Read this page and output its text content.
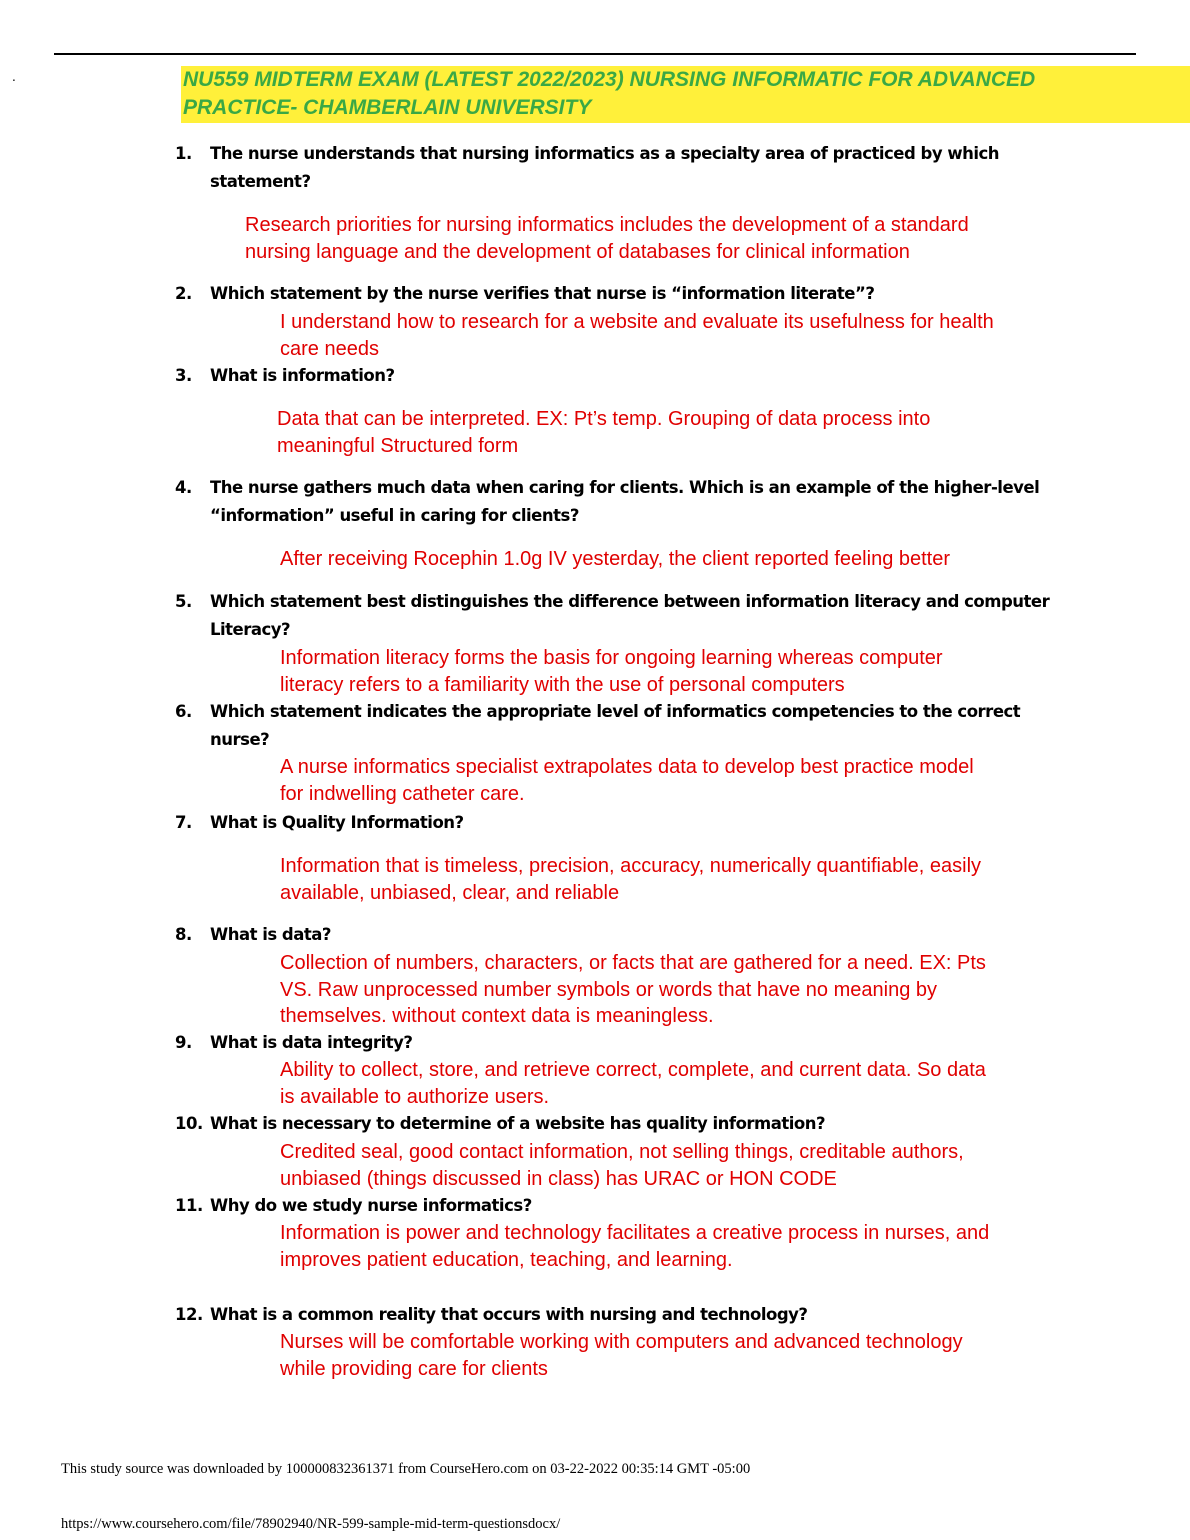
.	NU559 MIDTERM EXAM (LATEST 2022/2023) NURSING INFORMATIC FOR ADVANCED
PRACTICE- CHAMBERLAIN UNIVERSITY
1. The nurse understands that nursing informatics as a specialty area of practiced by which
statement?
Research priorities for nursing informatics includes the development of a standard
nursing language and the development of databases for clinical information
2. Which statement by the nurse verifies that nurse is “information literate”?
I understand how to research for a website and evaluate its usefulness for health
care needs
3. What is information?
Data that can be interpreted. EX: Pt’s temp. Grouping of data process into
meaningful Structured form
4. The nurse gathers much data when caring for clients. Which is an example of the higher-level
“information” useful in caring for clients?
After receiving Rocephin 1.0g IV yesterday, the client reported feeling better
5. Which statement best distinguishes the difference between information literacy and computer
Literacy?
Information literacy forms the basis for ongoing learning whereas computer
literacy refers to a familiarity with the use of personal computers
6. Which statement indicates the appropriate level of informatics competencies to the correct
nurse?
A nurse informatics specialist extrapolates data to develop best practice model
for indwelling catheter care.
7. What is Quality Information?
Information that is timeless, precision, accuracy, numerically quantifiable, easily
available, unbiased, clear, and reliable
8. What is data?
Collection of numbers, characters, or facts that are gathered for a need. EX: Pts
VS. Raw unprocessed number symbols or words that have no meaning by
themselves. without context data is meaningless.
9. What is data integrity?
Ability to collect, store, and retrieve correct, complete, and current data. So data
is available to authorize users.
10. What is necessary to determine of a website has quality information?
Credited seal, good contact information, not selling things, creditable authors,
unbiased (things discussed in class) has URAC or HON CODE
11. Why do we study nurse informatics?
Information is power and technology facilitates a creative process in nurses, and
improves patient education, teaching, and learning.
12. What is a common reality that occurs with nursing and technology?
Nurses will be comfortable working with computers and advanced technology
while providing care for clients
This study source was downloaded by 100000832361371 from CourseHero.com on 03-22-2022 00:35:14 GMT -05:00
https://www.coursehero.com/file/78902940/NR-599-sample-mid-term-questionsdocx/
